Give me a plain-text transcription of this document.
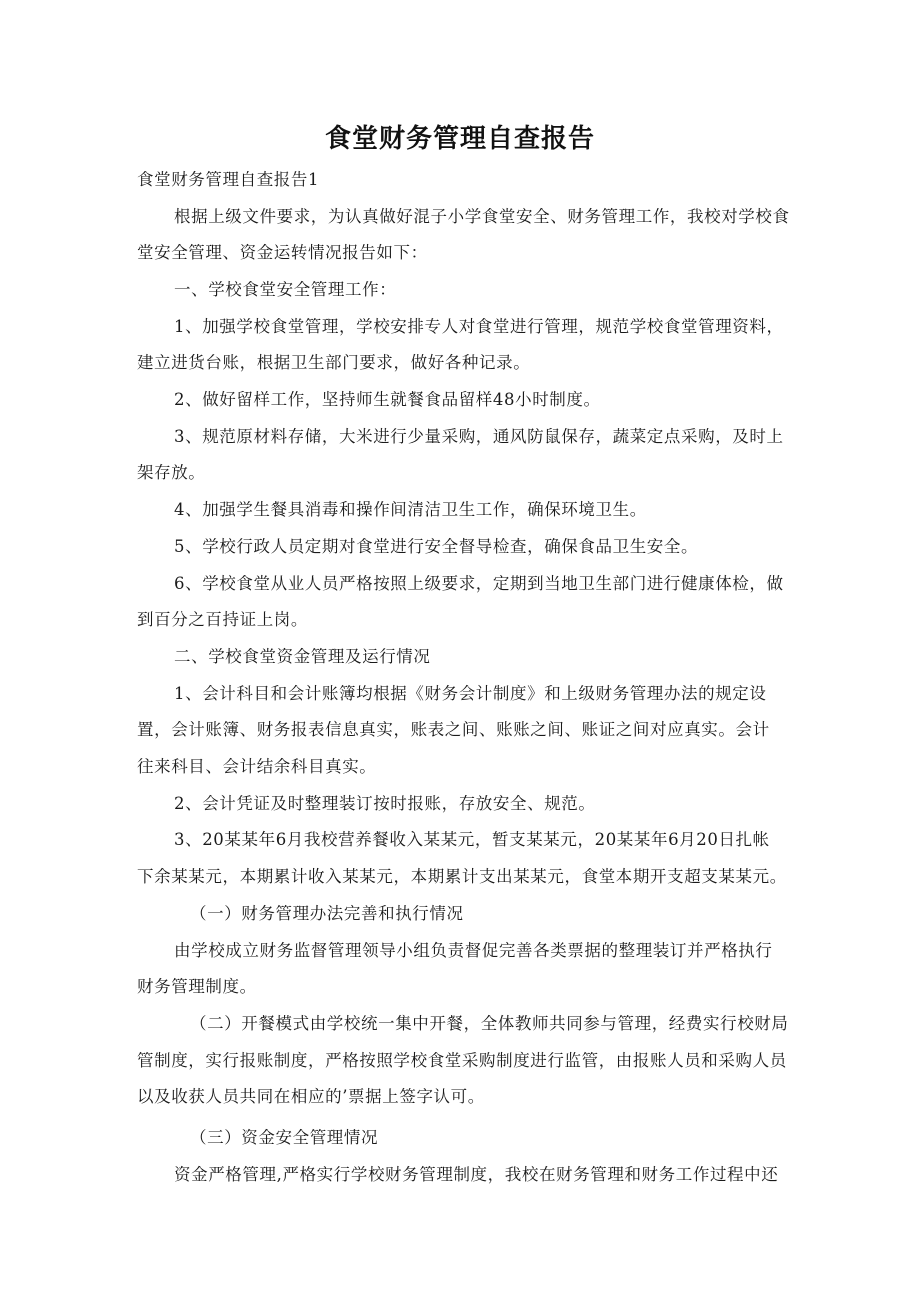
食堂财务管理自查报告
食堂财务管理自查报告1
根据上级文件要求，为认真做好混子小学食堂安全、财务管理工作，我校对学校食
堂安全管理、资金运转情况报告如下：
一、学校食堂安全管理工作：
1、加强学校食堂管理，学校安排专人对食堂进行管理，规范学校食堂管理资料，
建立进货台账，根据卫生部门要求，做好各种记录。
2、做好留样工作，坚持师生就餐食品留样48小时制度。
3、规范原材料存储，大米进行少量采购，通风防鼠保存，蔬菜定点采购，及时上
架存放。
4、加强学生餐具消毒和操作间清洁卫生工作，确保环境卫生。
5、学校行政人员定期对食堂进行安全督导检查，确保食品卫生安全。
6、学校食堂从业人员严格按照上级要求，定期到当地卫生部门进行健康体检，做
到百分之百持证上岗。
二、学校食堂资金管理及运行情况
1、会计科目和会计账簿均根据《财务会计制度》和上级财务管理办法的规定设
置，会计账簿、财务报表信息真实，账表之间、账账之间、账证之间对应真实。会计
往来科目、会计结余科目真实。
2、会计凭证及时整理装订按时报账，存放安全、规范。
3、20某某年6月我校营养餐收入某某元，暂支某某元，20某某年6月20日扎帐
下余某某元，本期累计收入某某元，本期累计支出某某元，食堂本期开支超支某某元。
（一）财务管理办法完善和执行情况
由学校成立财务监督管理领导小组负责督促完善各类票据的整理装订并严格执行
财务管理制度。
（二）开餐模式由学校统一集中开餐，全体教师共同参与管理，经费实行校财局
管制度，实行报账制度，严格按照学校食堂采购制度进行监管，由报账人员和采购人员
以及收获人员共同在相应的’票据上签字认可。
（三）资金安全管理情况
资金严格管理,严格实行学校财务管理制度，我校在财务管理和财务工作过程中还
